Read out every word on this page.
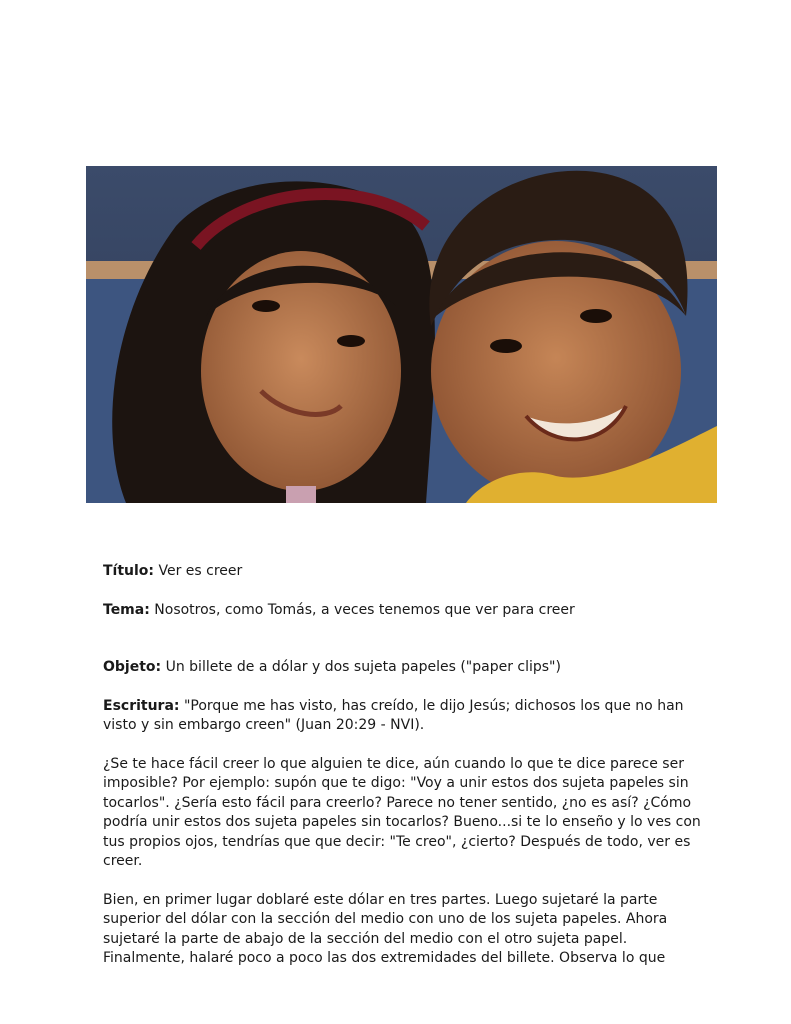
Título: Ver es creer

Tema: Nosotros, como Tomás, a veces tenemos que ver para creer

Objeto: Un billete de a dólar y dos sujeta papeles ("paper clips")

Escritura: "Porque me has visto, has creído, le dijo Jesús; dichosos los que no han
visto y sin embargo creen" (Juan 20:29 - NVI).

¿Se te hace fácil creer lo que alguien te dice, aún cuando lo que te dice parece ser
imposible? Por ejemplo: supón que te digo: "Voy a unir estos dos sujeta papeles sin
tocarlos". ¿Sería esto fácil para creerlo? Parece no tener sentido, ¿no es así? ¿Cómo
podría unir estos dos sujeta papeles sin tocarlos? Bueno...si te lo enseño y lo ves con
tus propios ojos, tendrías que que decir: "Te creo", ¿cierto? Después de todo, ver es
creer.

Bien, en primer lugar doblaré este dólar en tres partes. Luego sujetaré la parte
superior del dólar con la sección del medio con uno de los sujeta papeles. Ahora
sujetaré la parte de abajo de la sección del medio con el otro sujeta papel.
Finalmente, halaré poco a poco las dos extremidades del billete. Observa lo que
